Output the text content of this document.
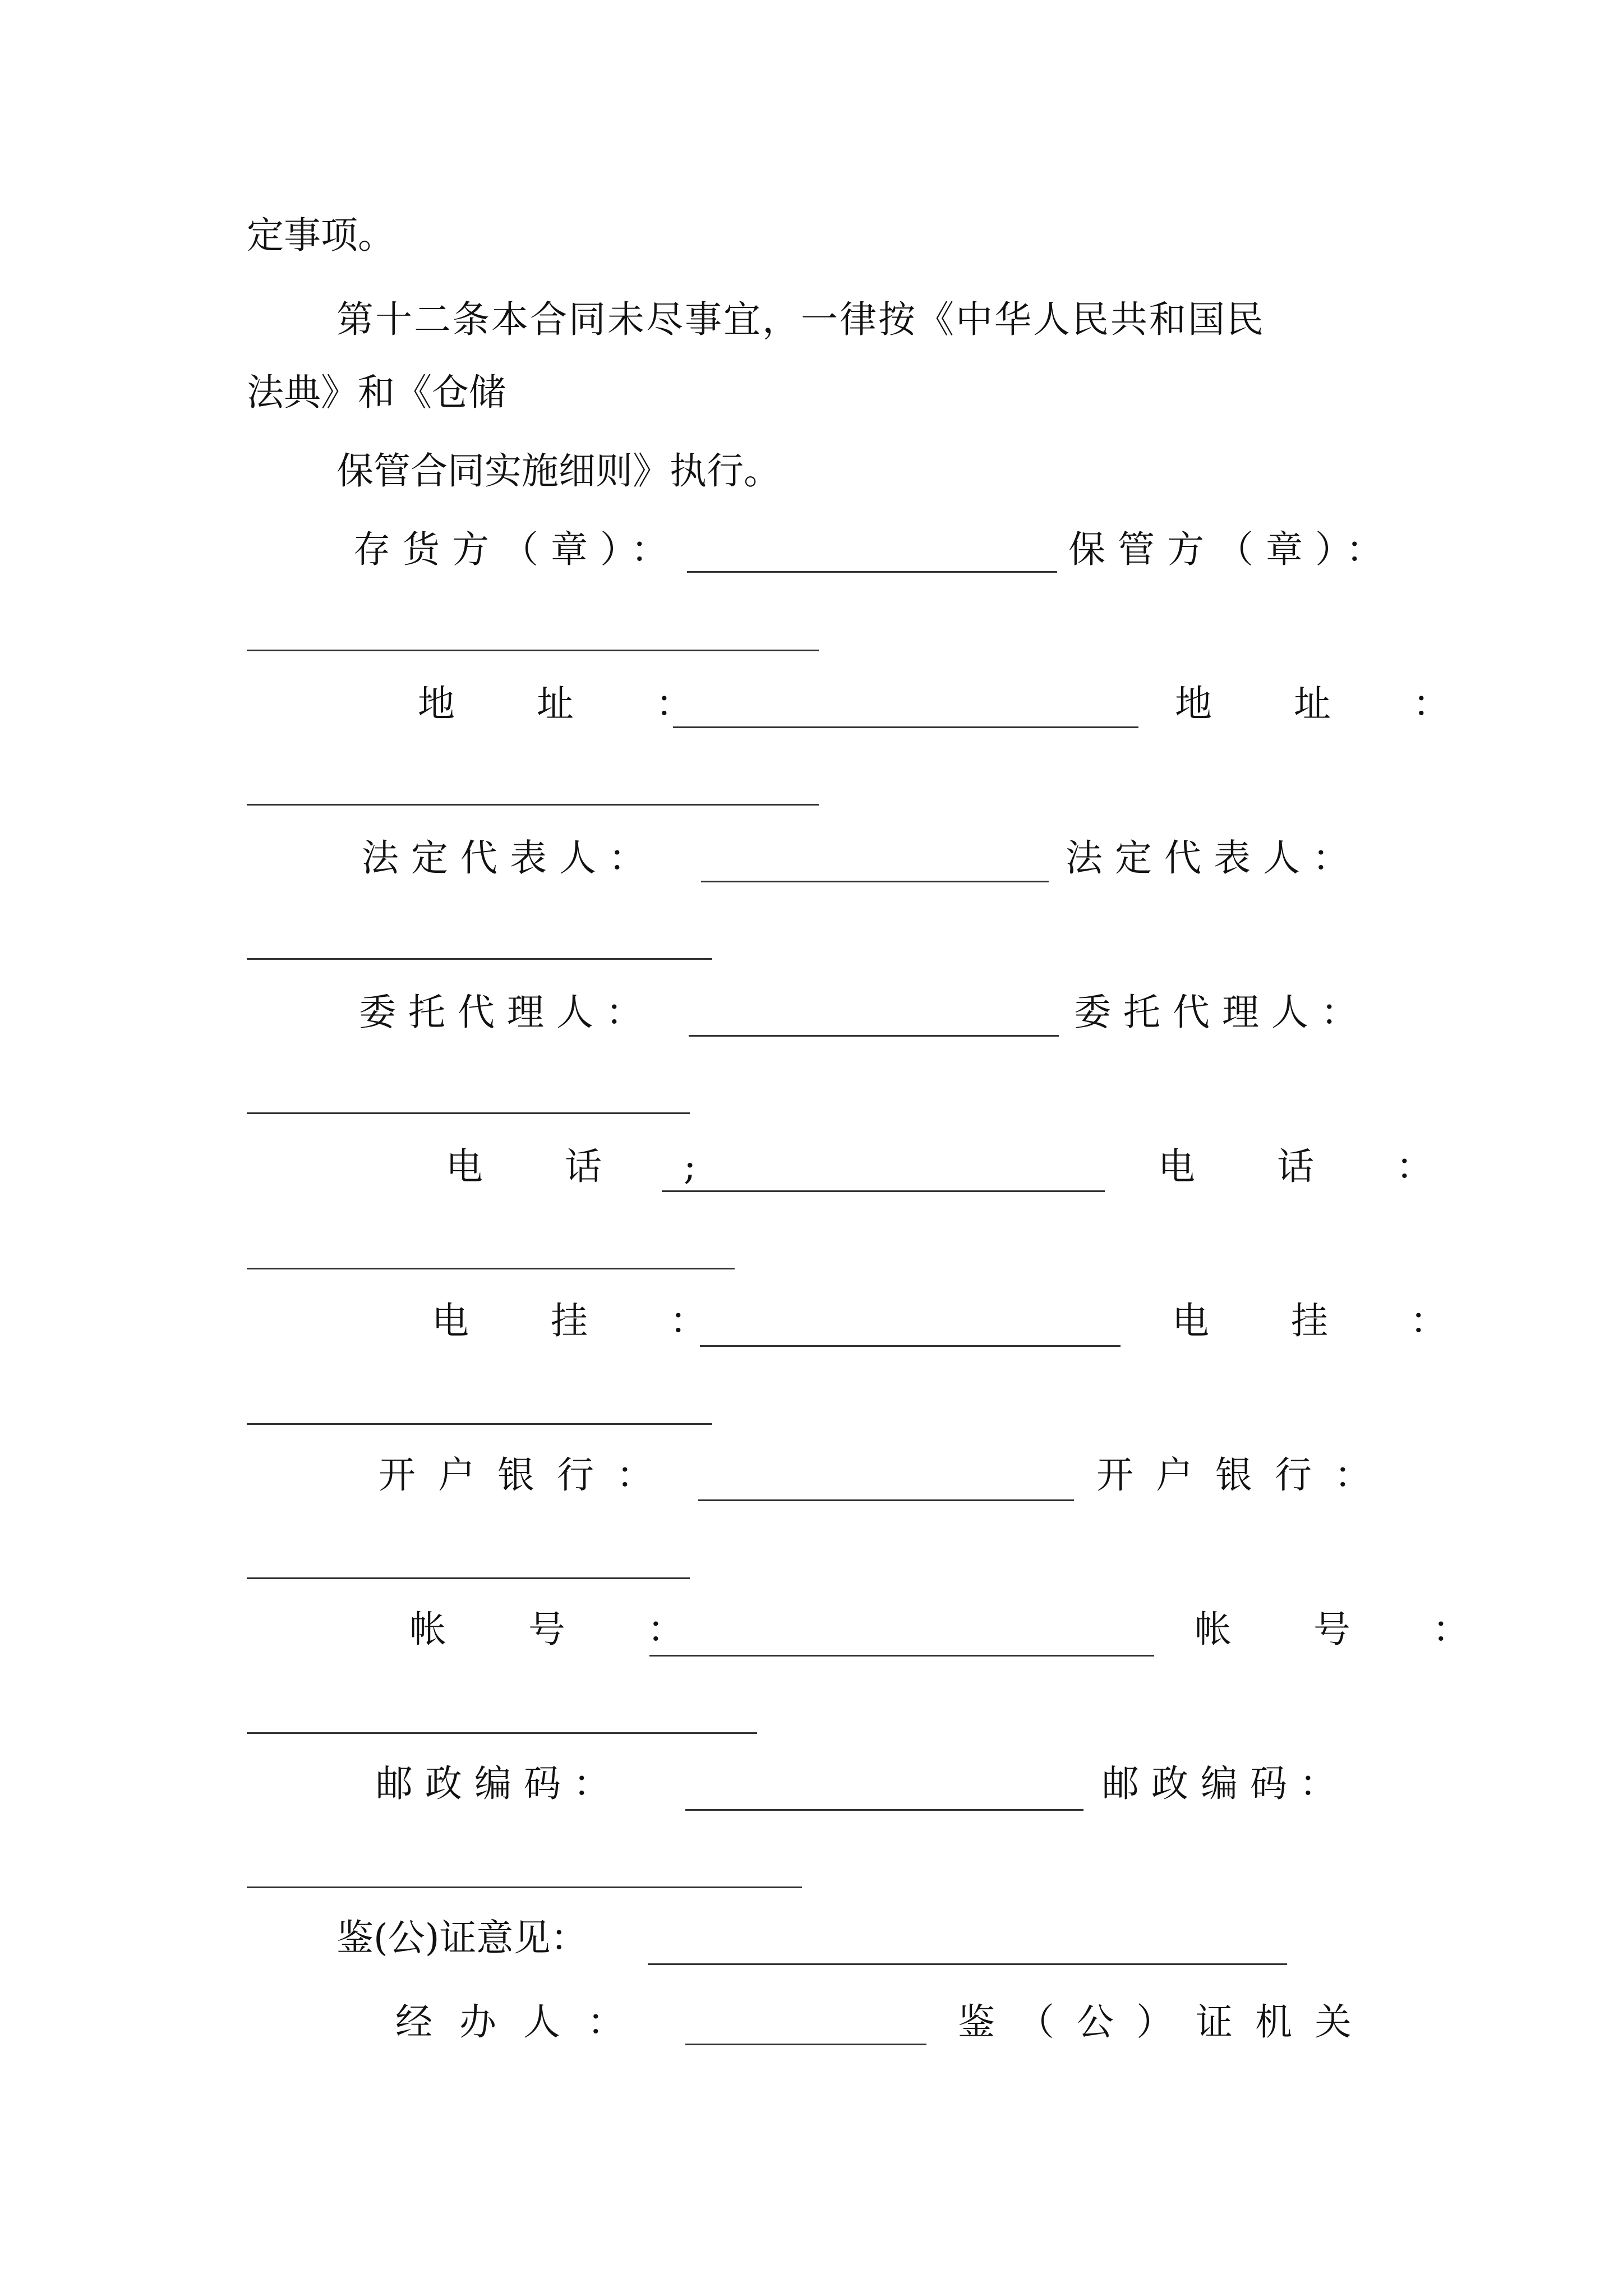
定事项。
第十二条本合同未尽事宜，一律按《中华人民共和国民
法典》和《仓储
保管合同实施细则》执行。
存货方（章）：	保管方（章）：
地　址　：	地　址　：
法定代表人：	法定代表人：
委托代理人：	委托代理人：
电　话　;	电　话　：
电　挂　：	电　挂　：
开户银行：	开户银行：
帐　号　：	帐　号　：
邮政编码：	邮政编码：
鉴(公)证意见：
经办人：	鉴（公）证机关
